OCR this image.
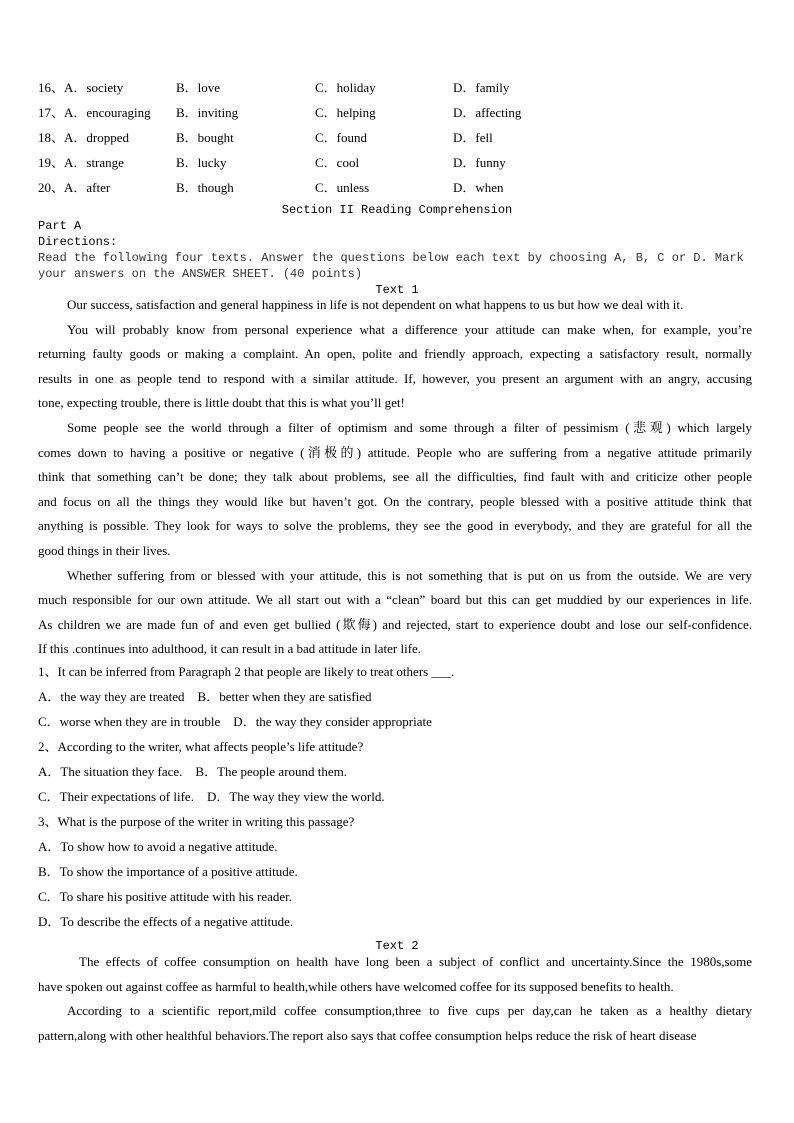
16、A．society	B．love	C．holiday	D．family
17、A．encouraging B．inviting	C．helping	D．affecting
18、A．dropped	B．bought	C．found	D．fell
19、A．strange	B．lucky	C．cool	D．funny
20、A．after	B．though	C．unless	D．when
Section II Reading Comprehension
Part A
Directions:
Read the following four texts. Answer the questions below each text by choosing A, B, C or D. Mark
your answers on the ANSWER SHEET. (40 points)
Text 1
Our success, satisfaction and general happiness in life is not dependent on what happens to us but how we deal with it.
You will probably know from personal experience what a difference your attitude can make when, for example, you’re
returning faulty goods or making a complaint. An open, polite and friendly approach, expecting a satisfactory result, normally
results in one as people tend to respond with a similar attitude. If, however, you present an argument with an angry, accusing
tone, expecting trouble, there is little doubt that this is what you’ll get!
Some people see the world through a filter of optimism and some through a filter of pessimism (悲观) which largely
comes down to having a positive or negative (消极的) attitude. People who are suffering from a negative attitude primarily
think that something can’t be done; they talk about problems, see all the difficulties, find fault with and criticize other people
and focus on all the things they would like but haven’t got. On the contrary, people blessed with a positive attitude think that
anything is possible. They look for ways to solve the problems, they see the good in everybody, and they are grateful for all the
good things in their lives.
Whether suffering from or blessed with your attitude, this is not something that is put on us from the outside. We are very
much responsible for our own attitude. We all start out with a “clean” board but this can get muddied by our experiences in life.
As children we are made fun of and even get bullied (欺侮) and rejected, start to experience doubt and lose our self-confidence.
If this .continues into adulthood, it can result in a bad attitude in later life.
1、It can be inferred from Paragraph 2 that people are likely to treat others ___.
A．the way they are treated　B．better when they are satisfied
C．worse when they are in trouble　D．the way they consider appropriate
2、According to the writer, what affects people’s life attitude?
A．The situation they face.　B．The people around them.
C．Their expectations of life.　D．The way they view the world.
3、What is the purpose of the writer in writing this passage?
A．To show how to avoid a negative attitude.
B．To show the importance of a positive attitude.
C．To share his positive attitude with his reader.
D．To describe the effects of a negative attitude.
Text 2
The effects of coffee consumption on health have long been a subject of conflict and uncertainty.Since the 1980s,some
have spoken out against coffee as harmful to health,while others have welcomed coffee for its supposed benefits to health.
According to a scientific report,mild coffee consumption,three to five cups per day,can he taken as a healthy dietary
pattern,along with other healthful behaviors.The report also says that coffee consumption helps reduce the risk of heart disease
